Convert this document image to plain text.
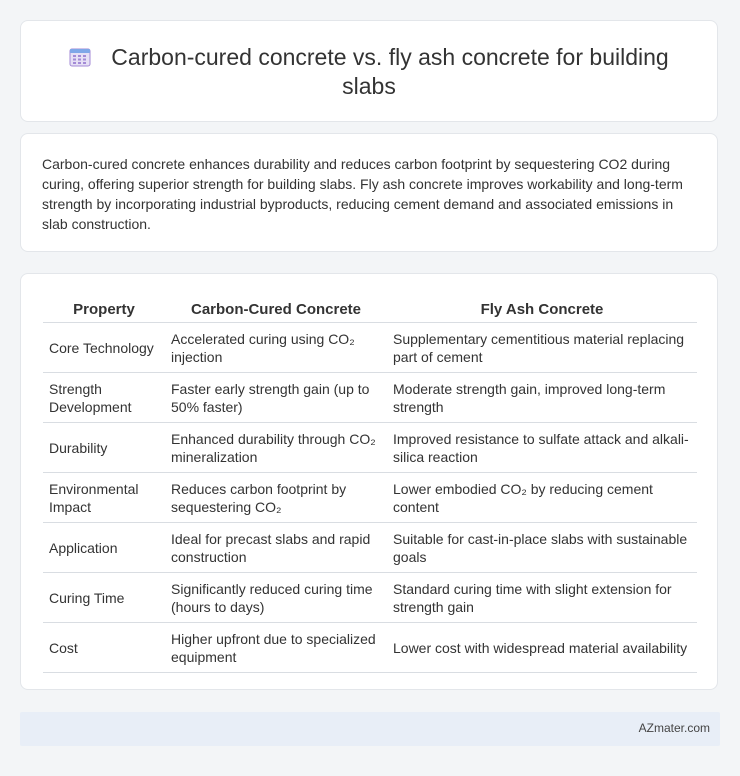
Carbon-cured concrete vs. fly ash concrete for building slabs

Carbon-cured concrete enhances durability and reduces carbon footprint by sequestering CO2 during curing, offering superior strength for building slabs. Fly ash concrete improves workability and long-term strength by incorporating industrial byproducts, reducing cement demand and associated emissions in slab construction.

Property	Carbon-Cured Concrete	Fly Ash Concrete
Core Technology	Accelerated curing using CO₂ injection	Supplementary cementitious material replacing part of cement
Strength Development	Faster early strength gain (up to 50% faster)	Moderate strength gain, improved long-term strength
Durability	Enhanced durability through CO₂ mineralization	Improved resistance to sulfate attack and alkali-silica reaction
Environmental Impact	Reduces carbon footprint by sequestering CO₂	Lower embodied CO₂ by reducing cement content
Application	Ideal for precast slabs and rapid construction	Suitable for cast-in-place slabs with sustainable goals
Curing Time	Significantly reduced curing time (hours to days)	Standard curing time with slight extension for strength gain
Cost	Higher upfront due to specialized equipment	Lower cost with widespread material availability
AZmater.com
